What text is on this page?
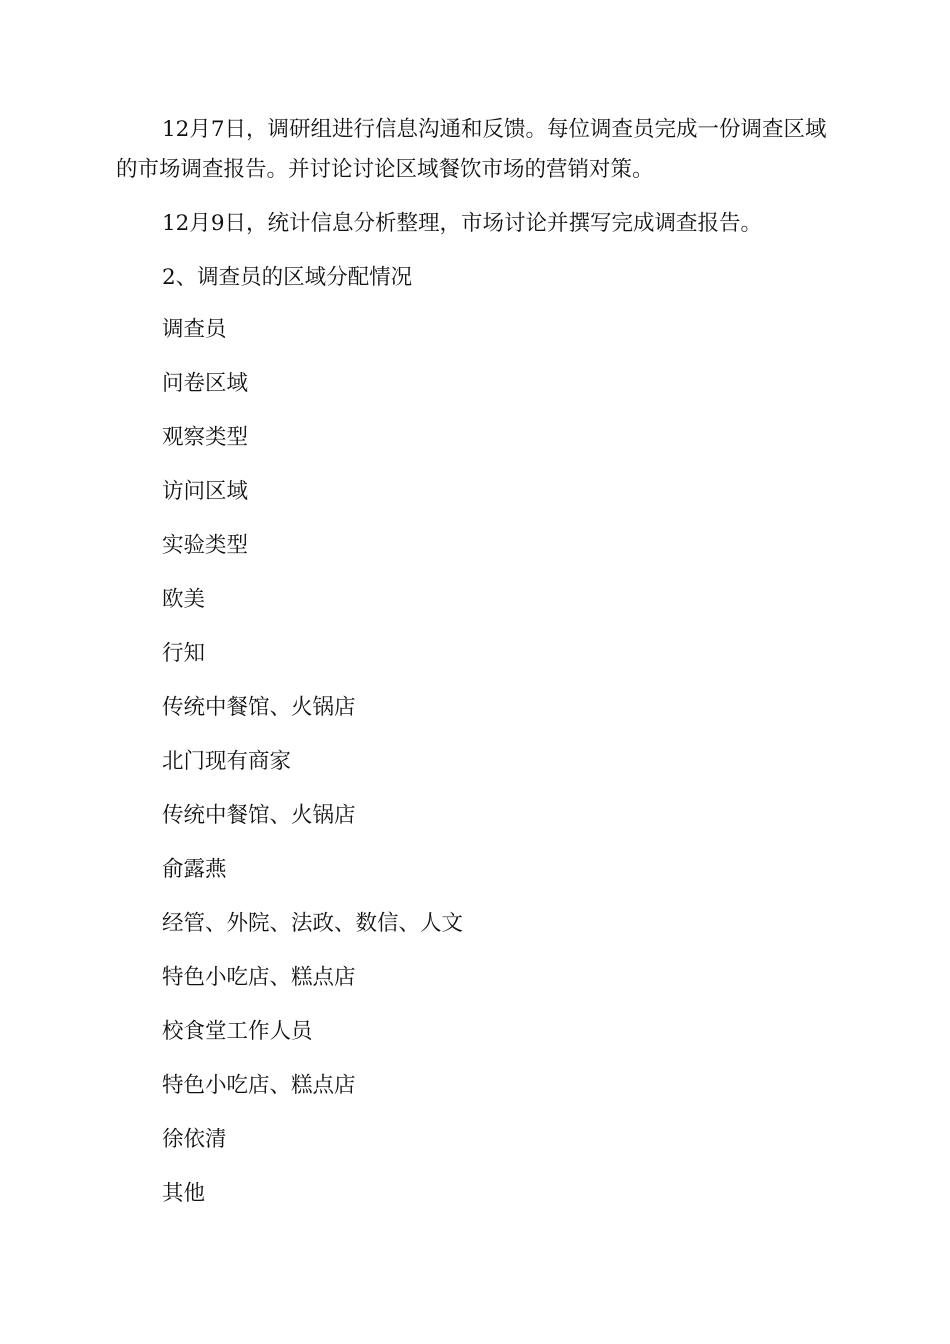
12月7日，调研组进行信息沟通和反馈。每位调查员完成一份调查区域的市场调查报告。并讨论讨论区域餐饮市场的营销对策。

12月9日，统计信息分析整理，市场讨论并撰写完成调查报告。

2、调查员的区域分配情况

调查员
问卷区域
观察类型
访问区域
实验类型
欧美
行知
传统中餐馆、火锅店
北门现有商家
传统中餐馆、火锅店
俞露燕
经管、外院、法政、数信、人文
特色小吃店、糕点店
校食堂工作人员
特色小吃店、糕点店
徐依清
其他
